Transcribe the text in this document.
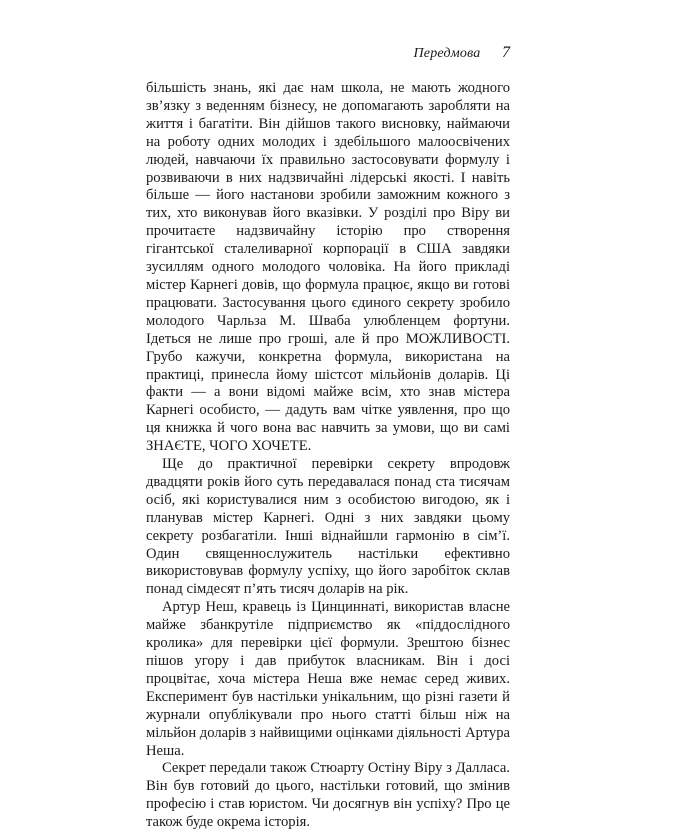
Передмова 7

більшість знань, які дає нам школа, не мають жодного зв’язку з веденням бізнесу, не допомагають заробляти на життя і багатіти. Він дійшов такого висновку, наймаючи на роботу одних молодих і здебільшого малоосвічених людей, навчаючи їх правильно застосовувати формулу і розвиваючи в них надзвичайні лідерські якості. І навіть більше — його настанови зробили заможним кожного з тих, хто виконував його вказівки. У розділі про Віру ви прочитаєте надзвичайну історію про створення гігантської сталеливарної корпорації в США завдяки зусиллям одного молодого чоловіка. На його прикладі містер Карнегі довів, що формула працює, якщо ви готові працювати. Застосування цього єдиного секрету зробило молодого Чарльза М. Шваба улюбленцем фортуни. Ідеться не лише про гроші, але й про МОЖЛИВОСТІ. Грубо кажучи, конкретна формула, використана на практиці, принесла йому шістсот мільйонів доларів. Ці факти — а вони відомі майже всім, хто знав містера Карнегі особисто, — дадуть вам чітке уявлення, про що ця книжка й чого вона вас навчить за умови, що ви самі ЗНАЄТЕ, ЧОГО ХОЧЕТЕ.

Ще до практичної перевірки секрету впродовж двадцяти років його суть передавалася понад ста тисячам осіб, які користувалися ним з особистою вигодою, як і планував містер Карнегі. Одні з них завдяки цьому секрету розбагатіли. Інші віднайшли гармонію в сім’ї. Один священнослужитель настільки ефективно використовував формулу успіху, що його заробіток склав понад сімдесят п’ять тисяч доларів на рік.

Артур Неш, кравець із Цинциннаті, використав власне майже збанкрутіле підприємство як «піддослідного кролика» для перевірки цієї формули. Зрештою бізнес пішов угору і дав прибуток власникам. Він і досі процвітає, хоча містера Неша вже немає серед живих. Експеримент був настільки унікальним, що різні газети й журнали опублікували про нього статті більш ніж на мільйон доларів з найвищими оцінками діяльності Артура Неша.

Секрет передали також Стюарту Остіну Віру з Далласа. Він був готовий до цього, настільки готовий, що змінив професію і став юристом. Чи досягнув він успіху? Про це також буде окрема історія.
